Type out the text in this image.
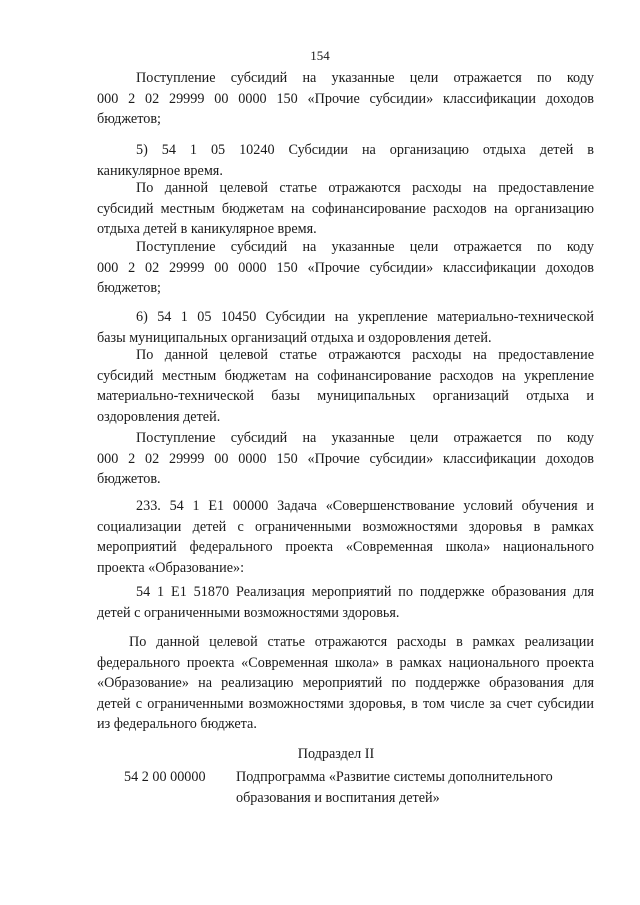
154
Поступление субсидий на указанные цели отражается по коду
000 2 02 29999 00 0000 150 «Прочие субсидии» классификации доходов
бюджетов;
5) 54 1 05 10240 Субсидии на организацию отдыха детей в
каникулярное время.
По данной целевой статье отражаются расходы на предоставление
субсидий местным бюджетам на софинансирование расходов на организацию
отдыха детей в каникулярное время.
Поступление субсидий на указанные цели отражается по коду
000 2 02 29999 00 0000 150 «Прочие субсидии» классификации доходов
бюджетов;
6) 54 1 05 10450 Субсидии на укрепление материально-технической
базы муниципальных организаций отдыха и оздоровления детей.
По данной целевой статье отражаются расходы на предоставление
субсидий местным бюджетам на софинансирование расходов на укрепление
материально-технической базы муниципальных организаций отдыха и
оздоровления детей.
Поступление субсидий на указанные цели отражается по коду
000 2 02 29999 00 0000 150 «Прочие субсидии» классификации доходов
бюджетов.
233. 54 1 E1 00000 Задача «Совершенствование условий обучения и
социализации детей с ограниченными возможностями здоровья в рамках
мероприятий федерального проекта «Современная школа» национального
проекта «Образование»:
54 1 E1 51870 Реализация мероприятий по поддержке образования для
детей с ограниченными возможностями здоровья.
По данной целевой статье отражаются расходы в рамках реализации
федерального проекта «Современная школа» в рамках национального проекта
«Образование» на реализацию мероприятий по поддержке образования для
детей с ограниченными возможностями здоровья, в том числе за счет субсидии
из федерального бюджета.
Подраздел II
54 2 00 00000 Подпрограмма «Развитие системы дополнительного
образования и воспитания детей»
